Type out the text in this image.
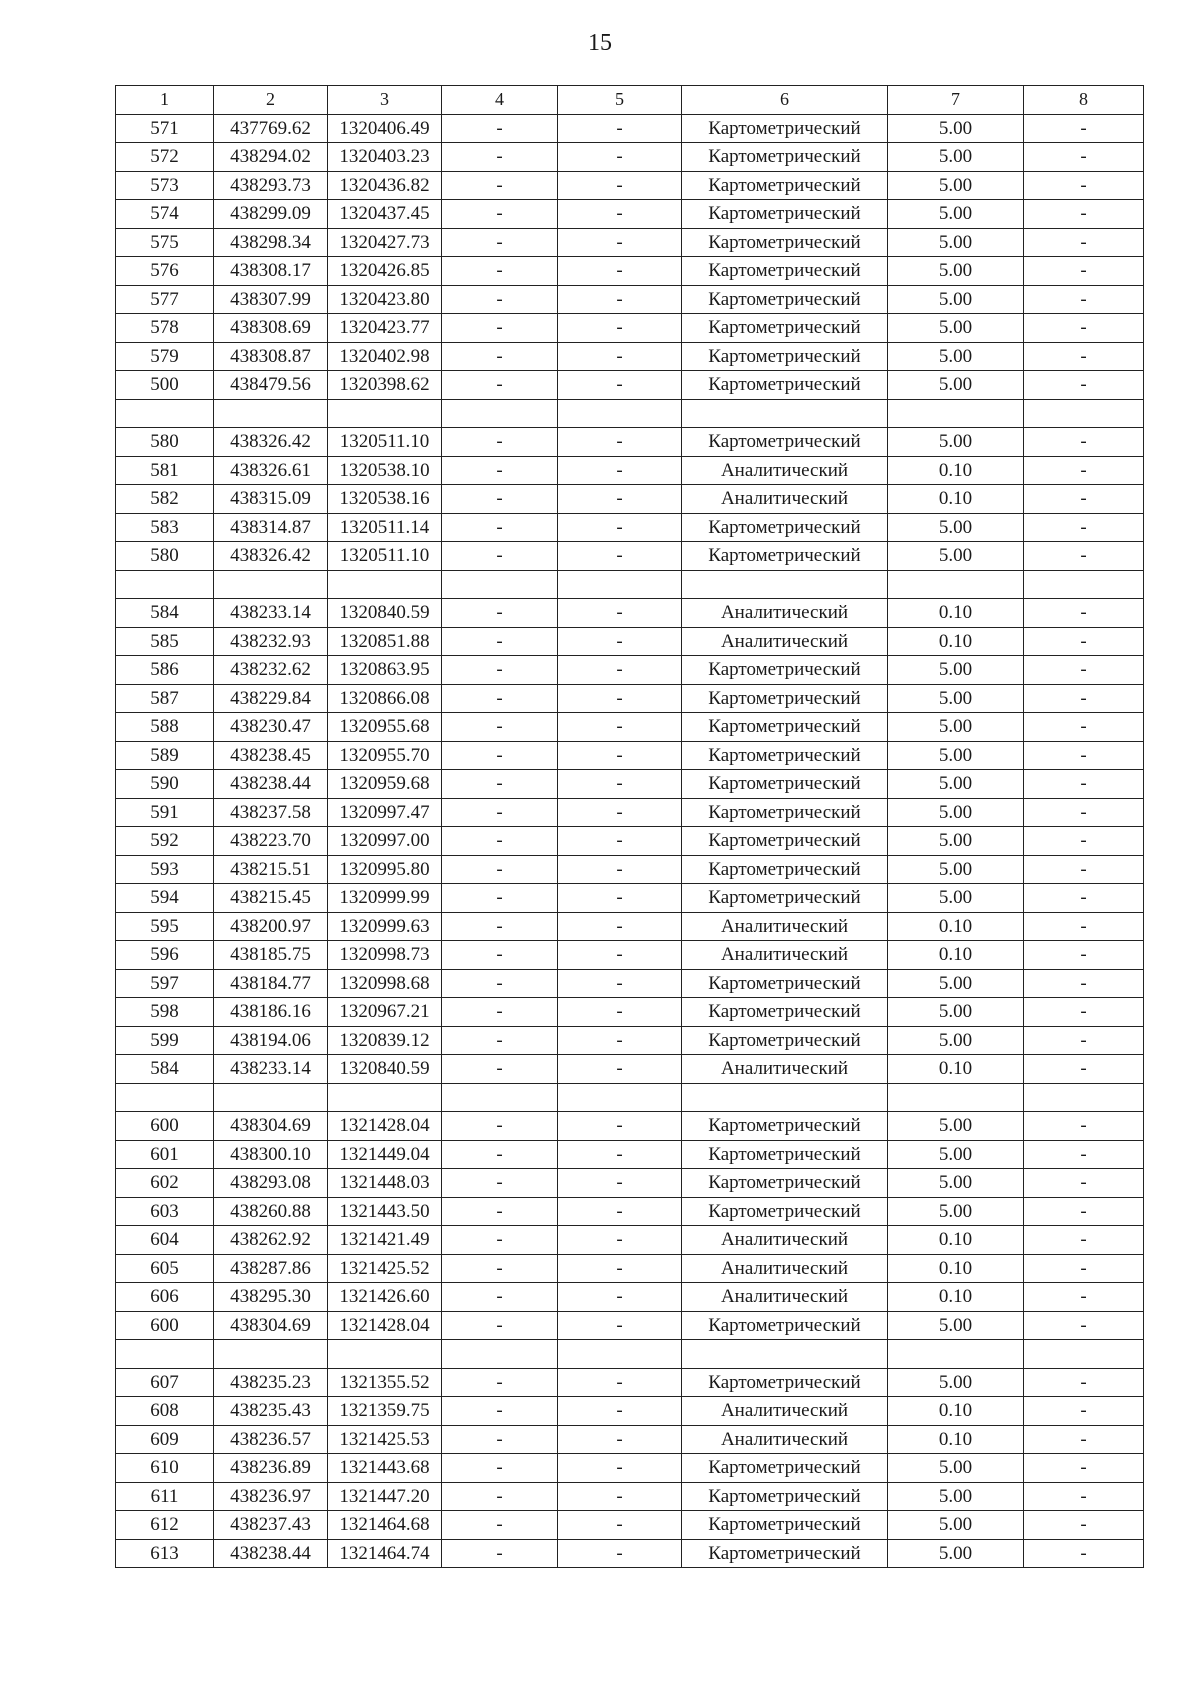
15
1	2	3	4	5	6	7	8
571	437769.62	1320406.49	-	-	Картометрический	5.00	-
572	438294.02	1320403.23	-	-	Картометрический	5.00	-
573	438293.73	1320436.82	-	-	Картометрический	5.00	-
574	438299.09	1320437.45	-	-	Картометрический	5.00	-
575	438298.34	1320427.73	-	-	Картометрический	5.00	-
576	438308.17	1320426.85	-	-	Картометрический	5.00	-
577	438307.99	1320423.80	-	-	Картометрический	5.00	-
578	438308.69	1320423.77	-	-	Картометрический	5.00	-
579	438308.87	1320402.98	-	-	Картометрический	5.00	-
500	438479.56	1320398.62	-	-	Картометрический	5.00	-

580	438326.42	1320511.10	-	-	Картометрический	5.00	-
581	438326.61	1320538.10	-	-	Аналитический	0.10	-
582	438315.09	1320538.16	-	-	Аналитический	0.10	-
583	438314.87	1320511.14	-	-	Картометрический	5.00	-
580	438326.42	1320511.10	-	-	Картометрический	5.00	-

584	438233.14	1320840.59	-	-	Аналитический	0.10	-
585	438232.93	1320851.88	-	-	Аналитический	0.10	-
586	438232.62	1320863.95	-	-	Картометрический	5.00	-
587	438229.84	1320866.08	-	-	Картометрический	5.00	-
588	438230.47	1320955.68	-	-	Картометрический	5.00	-
589	438238.45	1320955.70	-	-	Картометрический	5.00	-
590	438238.44	1320959.68	-	-	Картометрический	5.00	-
591	438237.58	1320997.47	-	-	Картометрический	5.00	-
592	438223.70	1320997.00	-	-	Картометрический	5.00	-
593	438215.51	1320995.80	-	-	Картометрический	5.00	-
594	438215.45	1320999.99	-	-	Картометрический	5.00	-
595	438200.97	1320999.63	-	-	Аналитический	0.10	-
596	438185.75	1320998.73	-	-	Аналитический	0.10	-
597	438184.77	1320998.68	-	-	Картометрический	5.00	-
598	438186.16	1320967.21	-	-	Картометрический	5.00	-
599	438194.06	1320839.12	-	-	Картометрический	5.00	-
584	438233.14	1320840.59	-	-	Аналитический	0.10	-

600	438304.69	1321428.04	-	-	Картометрический	5.00	-
601	438300.10	1321449.04	-	-	Картометрический	5.00	-
602	438293.08	1321448.03	-	-	Картометрический	5.00	-
603	438260.88	1321443.50	-	-	Картометрический	5.00	-
604	438262.92	1321421.49	-	-	Аналитический	0.10	-
605	438287.86	1321425.52	-	-	Аналитический	0.10	-
606	438295.30	1321426.60	-	-	Аналитический	0.10	-
600	438304.69	1321428.04	-	-	Картометрический	5.00	-

607	438235.23	1321355.52	-	-	Картометрический	5.00	-
608	438235.43	1321359.75	-	-	Аналитический	0.10	-
609	438236.57	1321425.53	-	-	Аналитический	0.10	-
610	438236.89	1321443.68	-	-	Картометрический	5.00	-
611	438236.97	1321447.20	-	-	Картометрический	5.00	-
612	438237.43	1321464.68	-	-	Картометрический	5.00	-
613	438238.44	1321464.74	-	-	Картометрический	5.00	-
